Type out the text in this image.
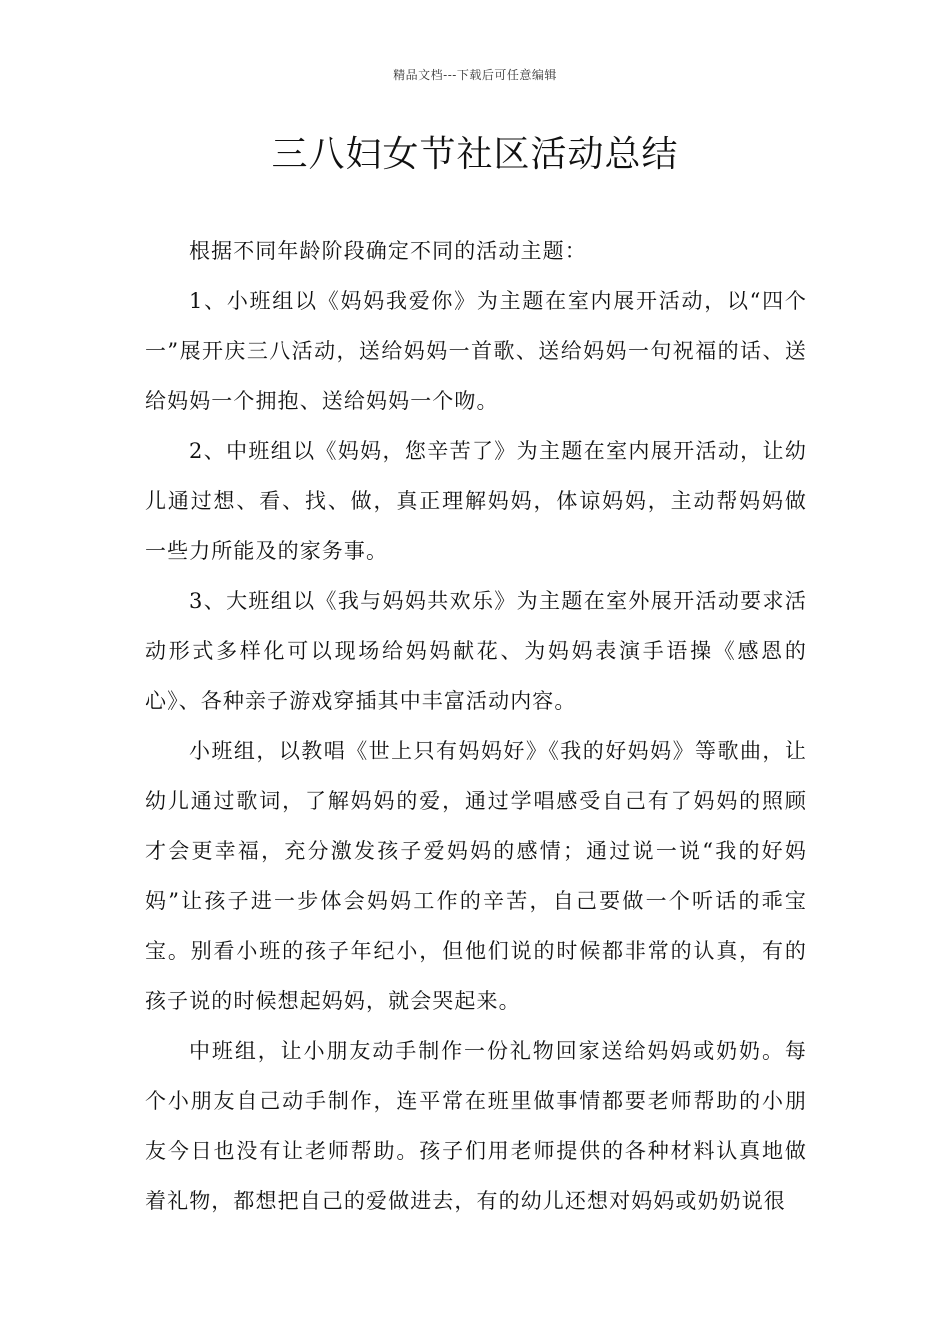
精品文档---下载后可任意编辑
三八妇女节社区活动总结

根据不同年龄阶段确定不同的活动主题：

1、小班组以《妈妈我爱你》为主题在室内展开活动，以“四个一”展开庆三八活动，送给妈妈一首歌、送给妈妈一句祝福的话、送给妈妈一个拥抱、送给妈妈一个吻。

2、中班组以《妈妈，您辛苦了》为主题在室内展开活动，让幼儿通过想、看、找、做，真正理解妈妈，体谅妈妈，主动帮妈妈做一些力所能及的家务事。

3、大班组以《我与妈妈共欢乐》为主题在室外展开活动要求活动形式多样化可以现场给妈妈献花、为妈妈表演手语操《感恩的心》、各种亲子游戏穿插其中丰富活动内容。

小班组，以教唱《世上只有妈妈好》《我的好妈妈》等歌曲，让幼儿通过歌词，了解妈妈的爱，通过学唱感受自己有了妈妈的照顾才会更幸福，充分激发孩子爱妈妈的感情；通过说一说“我的好妈妈”让孩子进一步体会妈妈工作的辛苦，自己要做一个听话的乖宝宝。别看小班的孩子年纪小，但他们说的时候都非常的认真，有的孩子说的时候想起妈妈，就会哭起来。

中班组，让小朋友动手制作一份礼物回家送给妈妈或奶奶。每个小朋友自己动手制作，连平常在班里做事情都要老师帮助的小朋友今日也没有让老师帮助。孩子们用老师提供的各种材料认真地做着礼物，都想把自己的爱做进去，有的幼儿还想对妈妈或奶奶说很
